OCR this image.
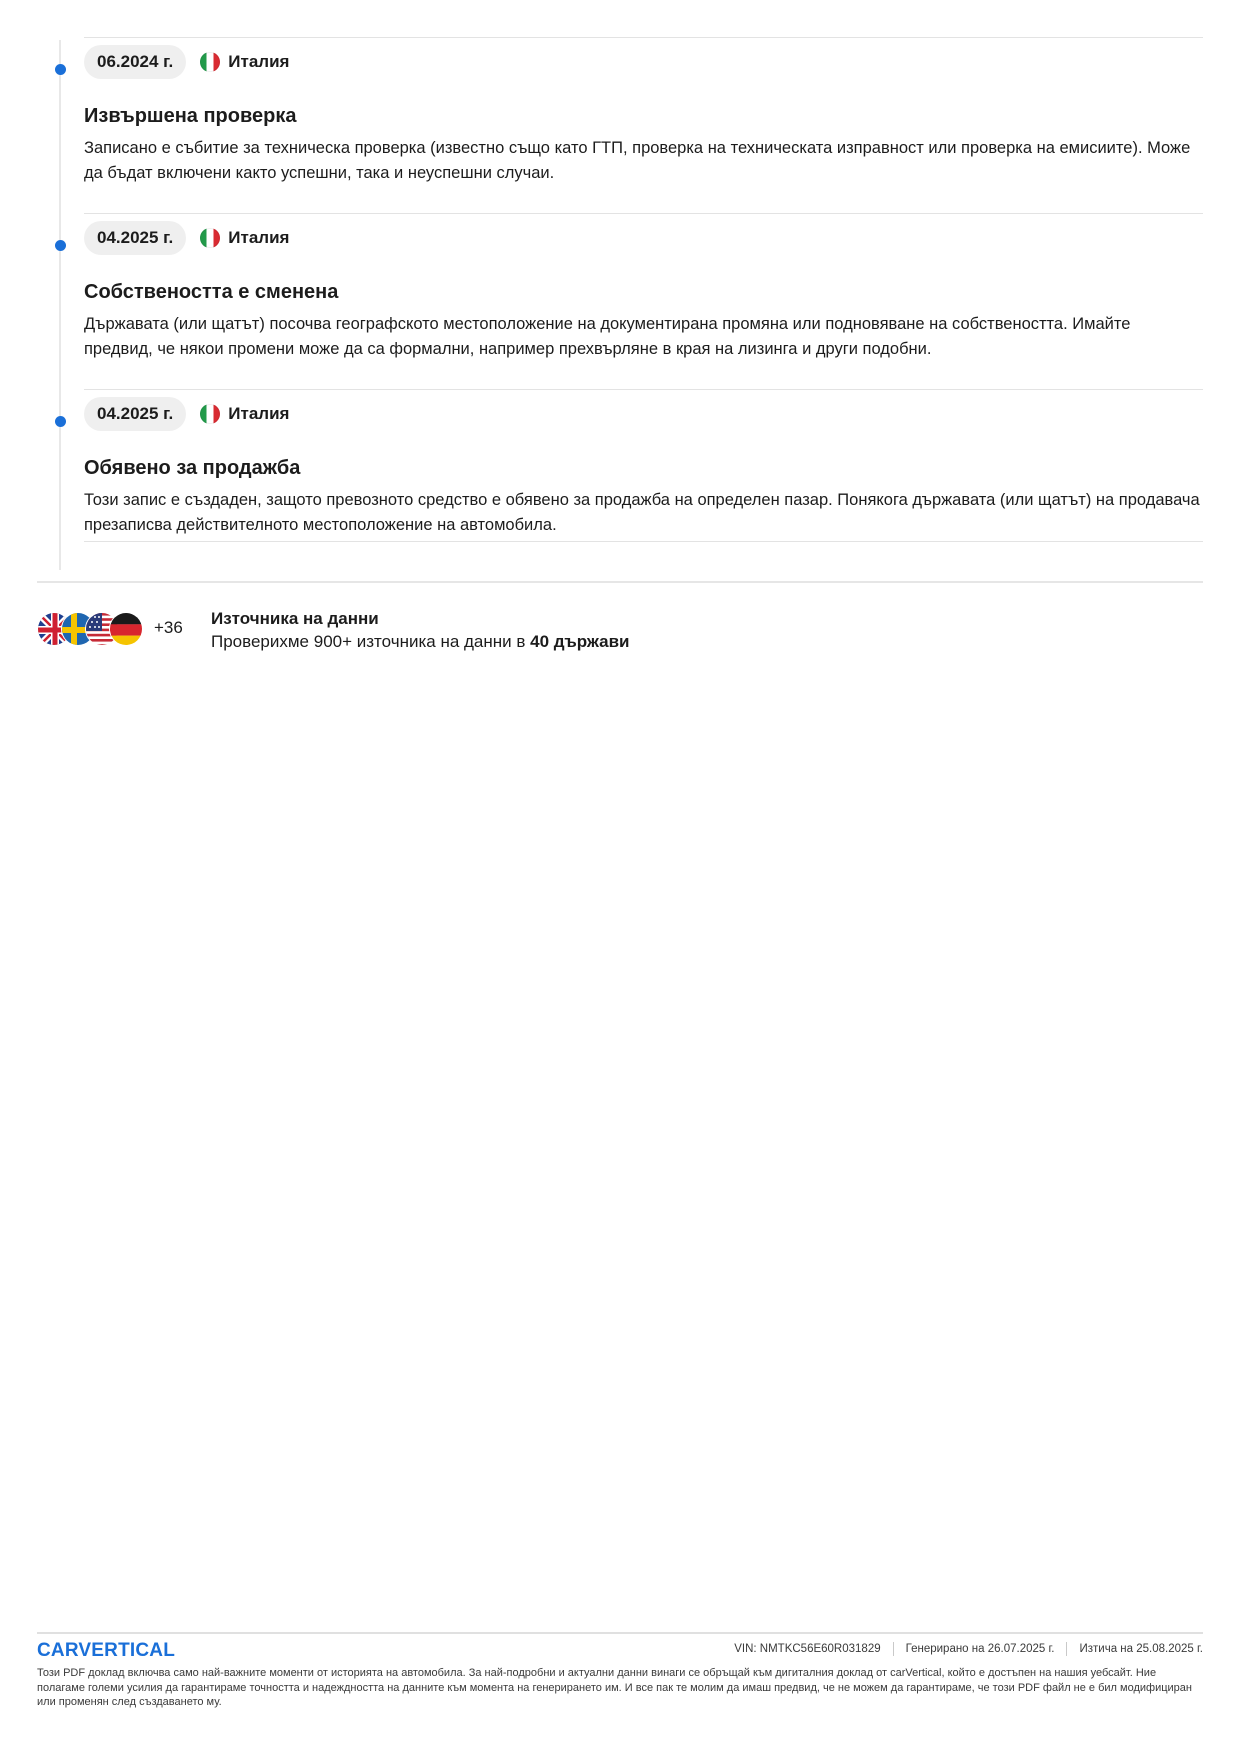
06.2024 г.	Италия
Извършена проверка

Записано е събитие за техническа проверка (известно също като ГТП, проверка на техническата изправност или проверка на емисиите). Може да бъдат включени както успешни, така и неуспешни случаи.

04.2025 г.	Италия
Собствеността е сменена

Държавата (или щатът) посочва географското местоположение на документирана промяна или подновяване на собствеността. Имайте предвид, че някои промени може да са формални, например прехвърляне в края на лизинга и други подобни.

04.2025 г.	Италия
Обявено за продажба

Този запис е създаден, защото превозното средство е обявено за продажба на определен пазар. Понякога държавата (или щатът) на продавача презаписва действителното местоположение на автомобила.

+36 Източника на данни
Проверихме 900+ източника на данни в 40 държави
CARVERTICAL	VIN:
NMTKC56E60R031829 Генерирано на
26.07.2025 г. Изтича на
25.08.2025 г.
Този PDF доклад включва само най-важните моменти от историята на автомобила. За най-подробни и актуални данни винаги се обръщай към дигиталния доклад от carVertical, който е достъпен на нашия уебсайт. Ние полагаме големи усилия да гарантираме точността и надеждността на данните към момента на генерирането им. И все пак те молим да имаш предвид, че не можем да гарантираме, че този PDF файл не е бил модифициран или променян след създаването му.
